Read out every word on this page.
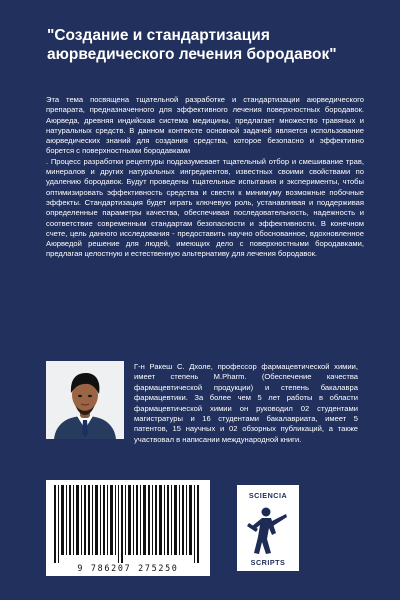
"Создание и стандартизация аюрведического лечения бородавок"

Эта тема посвящена тщательной разработке и стандартизации аюрведического препарата, предназначенного для эффективного лечения поверхностных бородавок. Аюрведа, древняя индийская система медицины, предлагает множество травяных и натуральных средств. В данном контексте основной задачей является использование аюрведических знаний для создания средства, которое безопасно и эффективно борется с поверхностными бородавками

. Процесс разработки рецептуры подразумевает тщательный отбор и смешивание трав, минералов и других натуральных ингредиентов, известных своими свойствами по удалению бородавок. Будут проведены тщательные испытания и эксперименты, чтобы оптимизировать эффективность средства и свести к минимуму возможные побочные эффекты. Стандартизация будет играть ключевую роль, устанавливая и поддерживая определенные параметры качества, обеспечивая последовательность, надежность и соответствие современным стандартам безопасности и эффективности. В конечном счете, цель данного исследования - предоставить научно обоснованное, вдохновленное Аюрведой решение для людей, имеющих дело с поверхностными бородавками, предлагая целостную и естественную альтернативу для лечения бородавок.

Г-н Ракеш С. Дхоле, профессор фармацевтической химии, имеет степень M.Pharm. (Обеспечение качества фармацевтической продукции) и степень бакалавра фармацевтики. За более чем 5 лет работы в области фармацевтической химии он руководил 02 студентами магистратуры и 16 студентами бакалавриата, имеет 5 патентов, 15 научных и 02 обзорных публикаций, а также участвовал в написании международной книги.

9 786207 275250
SCIENCIA
SCRIPTS
